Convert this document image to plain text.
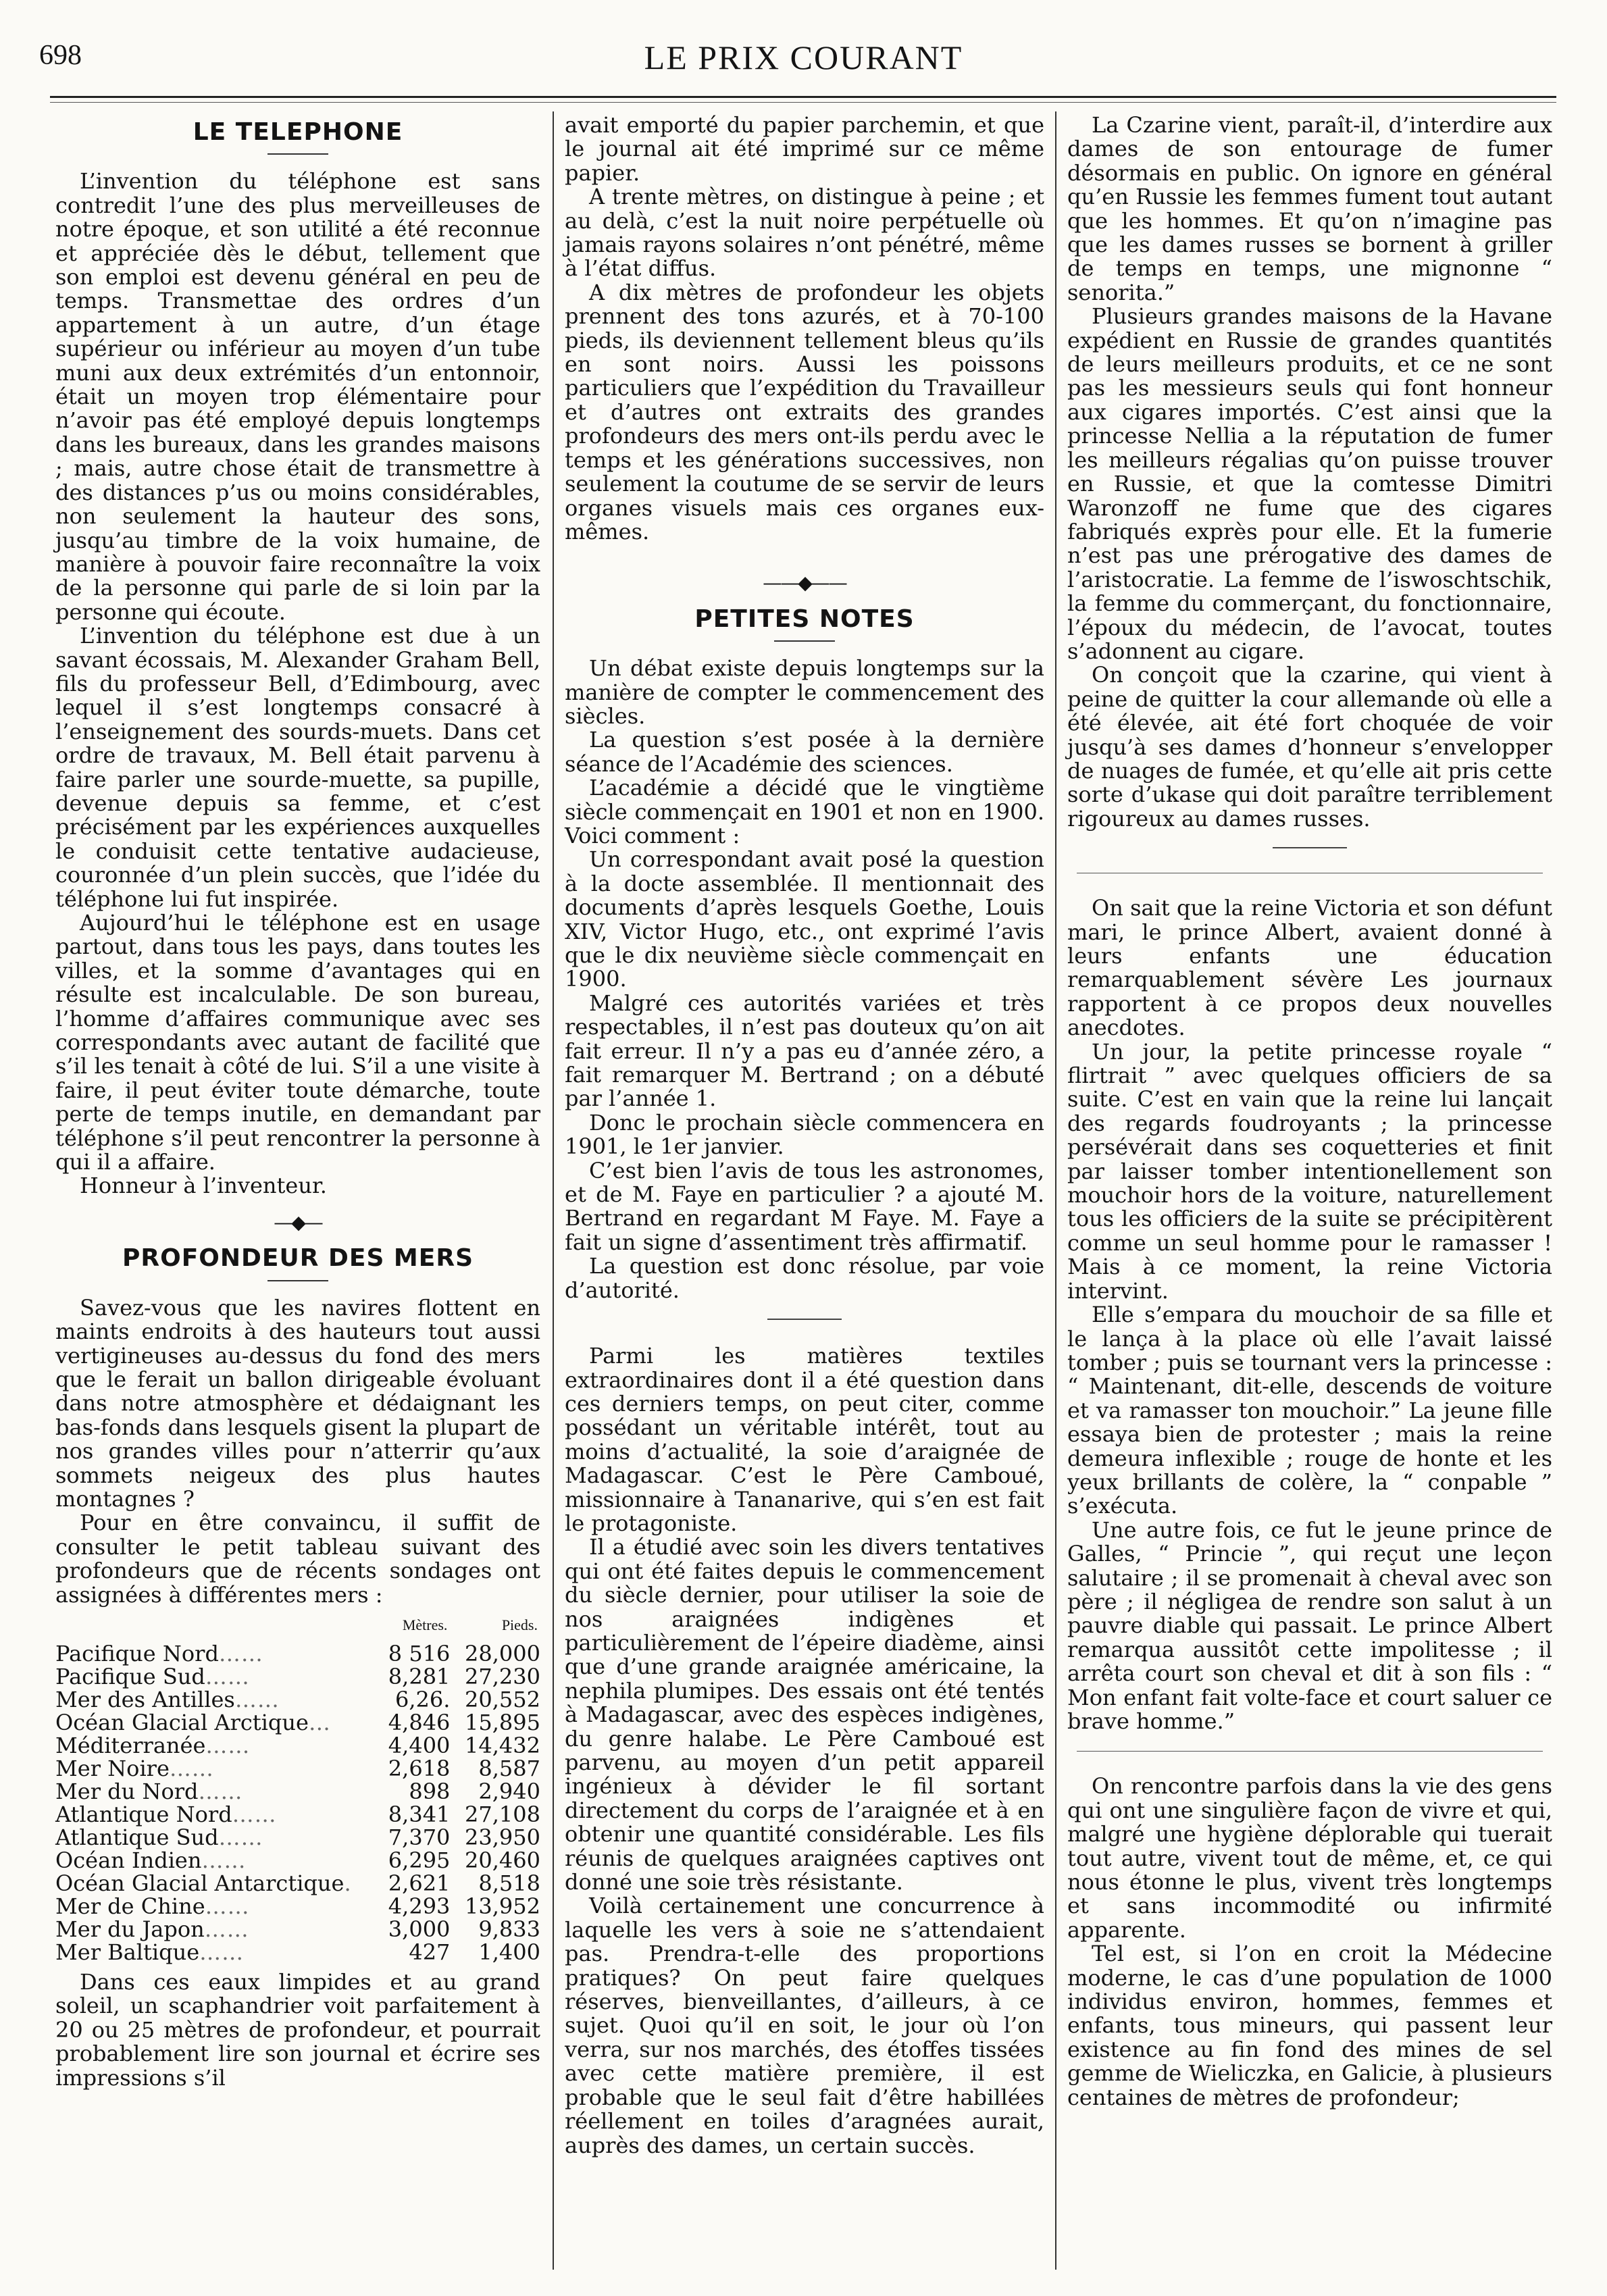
698	LE PRIX COURANT
LE TELEPHONE

L’invention du téléphone est sans contredit l’une des plus merveilleuses de notre époque, et son utilité a été reconnue et appréciée dès le début, tellement que son emploi est devenu général en peu de temps. Transmettae des ordres d’un appartement à un autre, d’un étage supérieur ou inférieur au moyen d’un tube muni aux deux extrémités d’un entonnoir, était un moyen trop élémentaire pour n’avoir pas été employé depuis longtemps dans les bureaux, dans les grandes maisons ; mais, autre chose était de transmettre à des distances p’us ou moins considérables, non seulement la hauteur des sons, jusqu’au timbre de la voix humaine, de manière à pouvoir faire reconnaître la voix de la personne qui parle de si loin par la personne qui écoute.

L’invention du téléphone est due à un savant écossais, M. Alexander Graham Bell, fils du professeur Bell, d’Edimbourg, avec lequel il s’est longtemps consacré à l’enseignement des sourds-muets. Dans cet ordre de travaux, M. Bell était parvenu à faire parler une sourde-muette, sa pupille, devenue depuis sa femme, et c’est précisément par les expériences auxquelles le conduisit cette tentative audacieuse, couronnée d’un plein succès, que l’idée du téléphone lui fut inspirée.

Aujourd’hui le téléphone est en usage partout, dans tous les pays, dans toutes les villes, et la somme d’avantages qui en résulte est incalculable. De son bureau, l’homme d’affaires communique avec ses correspondants avec autant de facilité que s’il les tenait à côté de lui. S’il a une visite à faire, il peut éviter toute démarche, toute perte de temps inutile, en demandant par téléphone s’il peut rencontrer la personne à qui il a affaire.

Honneur à l’inventeur.

—◆—
PROFONDEUR DES MERS

Savez-vous que les navires flottent en maints endroits à des hauteurs tout aussi vertigineuses au-dessus du fond des mers que le ferait un ballon dirigeable évoluant dans notre atmosphère et dédaignant les bas-fonds dans lesquels gisent la plupart de nos grandes villes pour n’atterrir qu’aux sommets neigeux des plus hautes montagnes ?

Pour en être convaincu, il suffit de consulter le petit tableau suivant des profondeurs que de récents sondages ont assignées à différentes mers :

	Mètres.	Pieds.
Pacifique Nord……	8 516	28,000
Pacifique Sud……	8,281	27,230
Mer des Antilles……	6,26.	20,552
Océan Glacial Arctique…	4,846	15,895
Méditerranée……	4,400	14,432
Mer Noire……	2,618	8,587
Mer du Nord……	898	2,940
Atlantique Nord……	8,341	27,108
Atlantique Sud……	7,370	23,950
Océan Indien……	6,295	20,460
Océan Glacial Antarctique.	2,621	8,518
Mer de Chine……	4,293	13,952
Mer du Japon……	3,000	9,833
Mer Baltique……	427	1,400

Dans ces eaux limpides et au grand soleil, un scaphandrier voit parfaitement à 20 ou 25 mètres de profondeur, et pourrait probablement lire son journal et écrire ses impressions s’il

avait emporté du papier parchemin, et que le journal ait été imprimé sur ce même papier.

A trente mètres, on distingue à peine ; et au delà, c’est la nuit noire perpétuelle où jamais rayons solaires n’ont pénétré, même à l’état diffus.

A dix mètres de profondeur les objets prennent des tons azurés, et à 70-100 pieds, ils deviennent tellement bleus qu’ils en sont noirs. Aussi les poissons particuliers que l’expédition du Travailleur et d’autres ont extraits des grandes profondeurs des mers ont-ils perdu avec le temps et les générations successives, non seulement la coutume de se servir de leurs organes visuels mais ces organes eux-mêmes.

——◆——
PETITES NOTES

Un débat existe depuis longtemps sur la manière de compter le commencement des siècles.

La question s’est posée à la dernière séance de l’Académie des sciences.

L’académie a décidé que le vingtième siècle commençait en 1901 et non en 1900. Voici comment :

Un correspondant avait posé la question à la docte assemblée. Il mentionnait des documents d’après lesquels Goethe, Louis XIV, Victor Hugo, etc., ont exprimé l’avis que le dix neuvième siècle commençait en 1900.

Malgré ces autorités variées et très respectables, il n’est pas douteux qu’on ait fait erreur. Il n’y a pas eu d’année zéro, a fait remarquer M. Bertrand ; on a débuté par l’année 1.

Donc le prochain siècle commencera en 1901, le 1er janvier.

C’est bien l’avis de tous les astronomes, et de M. Faye en particulier ? a ajouté M. Bertrand en regardant M Faye. M. Faye a fait un signe d’assentiment très affirmatif.

La question est donc résolue, par voie d’autorité.

Parmi les matières textiles extraordinaires dont il a été question dans ces derniers temps, on peut citer, comme possédant un véritable intérêt, tout au moins d’actualité, la soie d’araignée de Madagascar. C’est le Père Camboué, missionnaire à Tananarive, qui s’en est fait le protagoniste.

Il a étudié avec soin les divers tentatives qui ont été faites depuis le commencement du siècle dernier, pour utiliser la soie de nos araignées indigènes et particulièrement de l’épeire diadème, ainsi que d’une grande araignée américaine, la nephila plumipes. Des essais ont été tentés à Madagascar, avec des espèces indigènes, du genre halabe. Le Père Camboué est parvenu, au moyen d’un petit appareil ingénieux à dévider le fil sortant directement du corps de l’araignée et à en obtenir une quantité considérable. Les fils réunis de quelques araignées captives ont donné une soie très résistante.

Voilà certainement une concurrence à laquelle les vers à soie ne s’attendaient pas. Prendra-t-elle des proportions pratiques? On peut faire quelques réserves, bienveillantes, d’ailleurs, à ce sujet. Quoi qu’il en soit, le jour où l’on verra, sur nos marchés, des étoffes tissées avec cette matière première, il est probable que le seul fait d’être habillées réellement en toiles d’aragnées aurait, auprès des dames, un certain succès.

La Czarine vient, paraît-il, d’interdire aux dames de son entourage de fumer désormais en public. On ignore en général qu’en Russie les femmes fument tout autant que les hommes. Et qu’on n’imagine pas que les dames russes se bornent à griller de temps en temps, une mignonne “ senorita.”

Plusieurs grandes maisons de la Havane expédient en Russie de grandes quantités de leurs meilleurs produits, et ce ne sont pas les messieurs seuls qui font honneur aux cigares importés. C’est ainsi que la princesse Nellia a la réputation de fumer les meilleurs régalias qu’on puisse trouver en Russie, et que la comtesse Dimitri Waronzoff ne fume que des cigares fabriqués exprès pour elle. Et la fumerie n’est pas une prérogative des dames de l’aristocratie. La femme de l’iswoschtschik, la femme du commerçant, du fonctionnaire, l’époux du médecin, de l’avocat, toutes s’adonnent au cigare.

On conçoit que la czarine, qui vient à peine de quitter la cour allemande où elle a été élevée, ait été fort choquée de voir jusqu’à ses dames d’honneur s’envelopper de nuages de fumée, et qu’elle ait pris cette sorte d’ukase qui doit paraître terriblement rigoureux au dames russes.

On sait que la reine Victoria et son défunt mari, le prince Albert, avaient donné à leurs enfants une éducation remarquablement sévère Les journaux rapportent à ce propos deux nouvelles anecdotes.

Un jour, la petite princesse royale “ flirtrait ” avec quelques officiers de sa suite. C’est en vain que la reine lui lançait des regards foudroyants ; la princesse persévérait dans ses coquetteries et finit par laisser tomber intentionellement son mouchoir hors de la voiture, naturellement tous les officiers de la suite se précipitèrent comme un seul homme pour le ramasser ! Mais à ce moment, la reine Victoria intervint.

Elle s’empara du mouchoir de sa fille et le lança à la place où elle l’avait laissé tomber ; puis se tournant vers la princesse : “ Maintenant, dit-elle, descends de voiture et va ramasser ton mouchoir.” La jeune fille essaya bien de protester ; mais la reine demeura inflexible ; rouge de honte et les yeux brillants de colère, la “ conpable ” s’exécuta.

Une autre fois, ce fut le jeune prince de Galles, “ Princie ”, qui reçut une leçon salutaire ; il se promenait à cheval avec son père ; il négligea de rendre son salut à un pauvre diable qui passait. Le prince Albert remarqua aussitôt cette impolitesse ; il arrêta court son cheval et dit à son fils : “ Mon enfant fait volte-face et court saluer ce brave homme.”

On rencontre parfois dans la vie des gens qui ont une singulière façon de vivre et qui, malgré une hygiène déplorable qui tuerait tout autre, vivent tout de même, et, ce qui nous étonne le plus, vivent très longtemps et sans incommodité ou infirmité apparente.

Tel est, si l’on en croit la Médecine moderne, le cas d’une population de 1000 individus environ, hommes, femmes et enfants, tous mineurs, qui passent leur existence au fin fond des mines de sel gemme de Wieliczka, en Galicie, à plusieurs centaines de mètres de profondeur;
